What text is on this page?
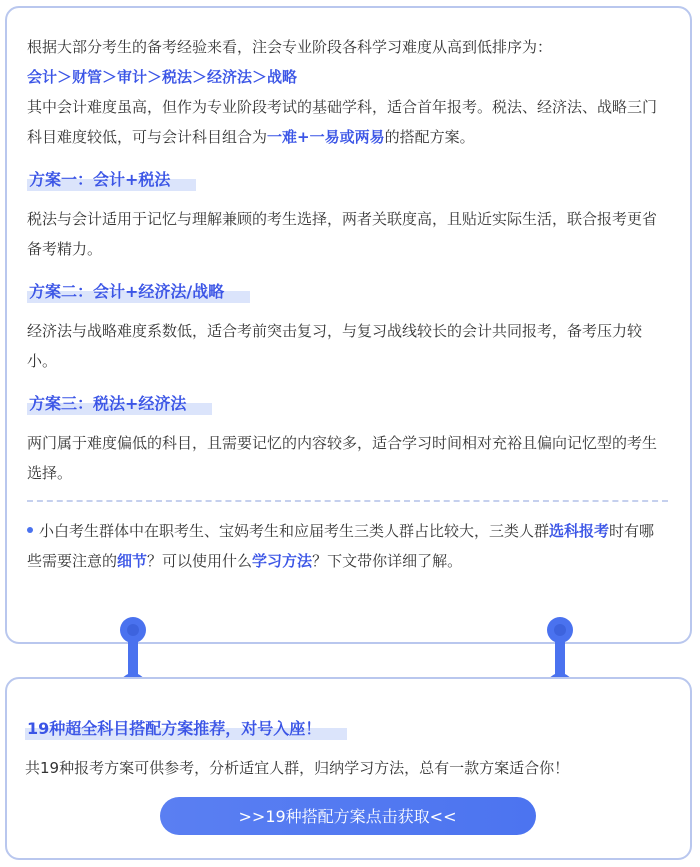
根据大部分考生的备考经验来看，注会专业阶段各科学习难度从高到低排序为：

会计＞财管＞审计＞税法＞经济法＞战略

其中会计难度虽高，但作为专业阶段考试的基础学科，适合首年报考。税法、经济法、战略三门科目难度较低，可与会计科目组合为一难+一易或两易的搭配方案。

方案一：会计+税法

税法与会计适用于记忆与理解兼顾的考生选择，两者关联度高，且贴近实际生活，联合报考更省备考精力。

方案二：会计+经济法/战略

经济法与战略难度系数低，适合考前突击复习，与复习战线较长的会计共同报考，备考压力较小。

方案三：税法+经济法

两门属于难度偏低的科目，且需要记忆的内容较多，适合学习时间相对充裕且偏向记忆型的考生选择。

小白考生群体中在职考生、宝妈考生和应届考生三类人群占比较大，三类人群选科报考时有哪些需要注意的细节？可以使用什么学习方法？下文带你详细了解。

19种超全科目搭配方案推荐，对号入座！

共19种报考方案可供参考，分析适宜人群，归纳学习方法，总有一款方案适合你！

>>19种搭配方案点击获取<<
